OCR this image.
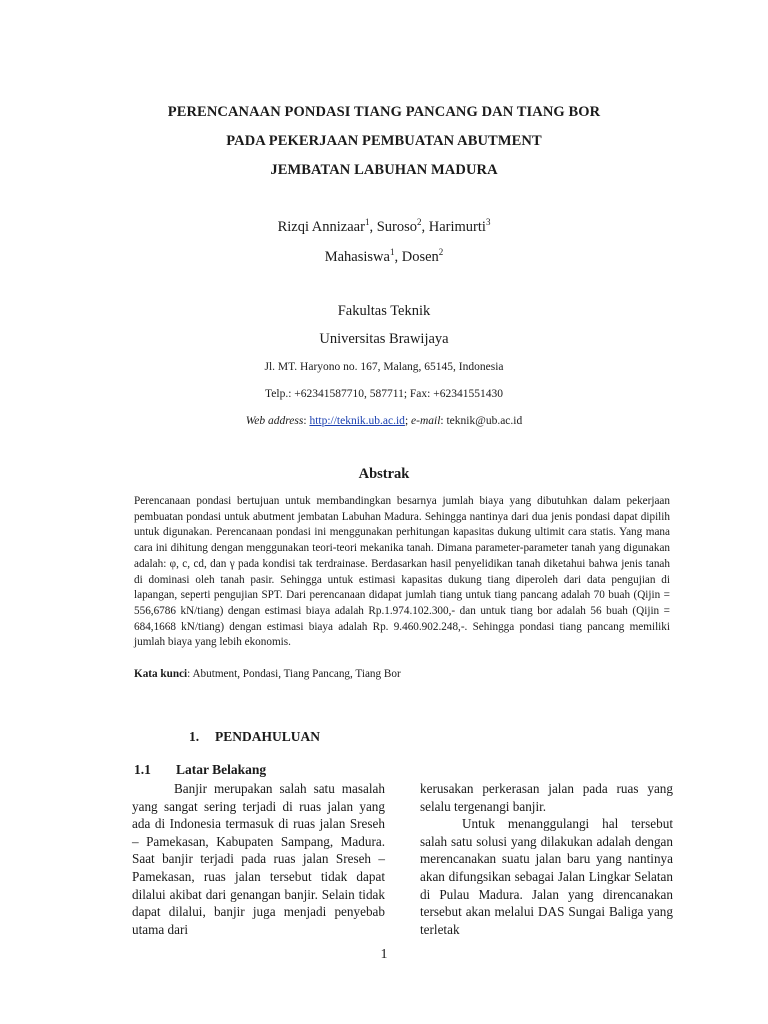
PERENCANAAN PONDASI TIANG PANCANG DAN TIANG BOR
PADA PEKERJAAN PEMBUATAN ABUTMENT
JEMBATAN LABUHAN MADURA
Rizqi Annizaar$^1$, Suroso$^2$, Harimurti$^3$
Mahasiswa$^1$, Dosen$^2$
Fakultas Teknik
Universitas Brawijaya
Jl. MT. Haryono no. 167, Malang, 65145, Indonesia
Telp.: +62341587710, 587711; Fax: +62341551430
Web address: http://teknik.ub.ac.id; e-mail: teknik@ub.ac.id
Abstrak
Perencanaan pondasi bertujuan untuk membandingkan besarnya jumlah biaya yang dibutuhkan dalam pekerjaan pembuatan pondasi untuk abutment jembatan Labuhan Madura. Sehingga nantinya dari dua jenis pondasi dapat dipilih untuk digunakan. Perencanaan pondasi ini menggunakan perhitungan kapasitas dukung ultimit cara statis. Yang mana cara ini dihitung dengan menggunakan teori-teori mekanika tanah. Dimana parameter-parameter tanah yang digunakan adalah: φ, c, cd, dan γ pada kondisi tak terdrainase. Berdasarkan hasil penyelidikan tanah diketahui bahwa jenis tanah di dominasi oleh tanah pasir. Sehingga untuk estimasi kapasitas dukung tiang diperoleh dari data pengujian di lapangan, seperti pengujian SPT. Dari perencanaan didapat jumlah tiang untuk tiang pancang adalah 70 buah (Qijin = 556,6786 kN/tiang) dengan estimasi biaya adalah Rp.1.974.102.300,- dan untuk tiang bor adalah 56 buah (Qijin = 684,1668 kN/tiang) dengan estimasi biaya adalah Rp. 9.460.902.248,-. Sehingga pondasi tiang pancang memiliki jumlah biaya yang lebih ekonomis.
Kata kunci: Abutment, Pondasi, Tiang Pancang, Tiang Bor
1. PENDAHULUAN
1.1 Latar Belakang

Banjir merupakan salah satu masalah yang sangat sering terjadi di ruas jalan yang ada di Indonesia termasuk di ruas jalan Sreseh – Pamekasan, Kabupaten Sampang, Madura. Saat banjir terjadi pada ruas jalan Sreseh – Pamekasan, ruas jalan tersebut tidak dapat dilalui akibat dari genangan banjir. Selain tidak dapat dilalui, banjir juga menjadi penyebab utama dari

kerusakan perkerasan jalan pada ruas yang selalu tergenangi banjir.

Untuk menanggulangi hal tersebut salah satu solusi yang dilakukan adalah dengan merencanakan suatu jalan baru yang nantinya akan difungsikan sebagai Jalan Lingkar Selatan di Pulau Madura. Jalan yang direncanakan tersebut akan melalui DAS Sungai Baliga yang terletak

1
